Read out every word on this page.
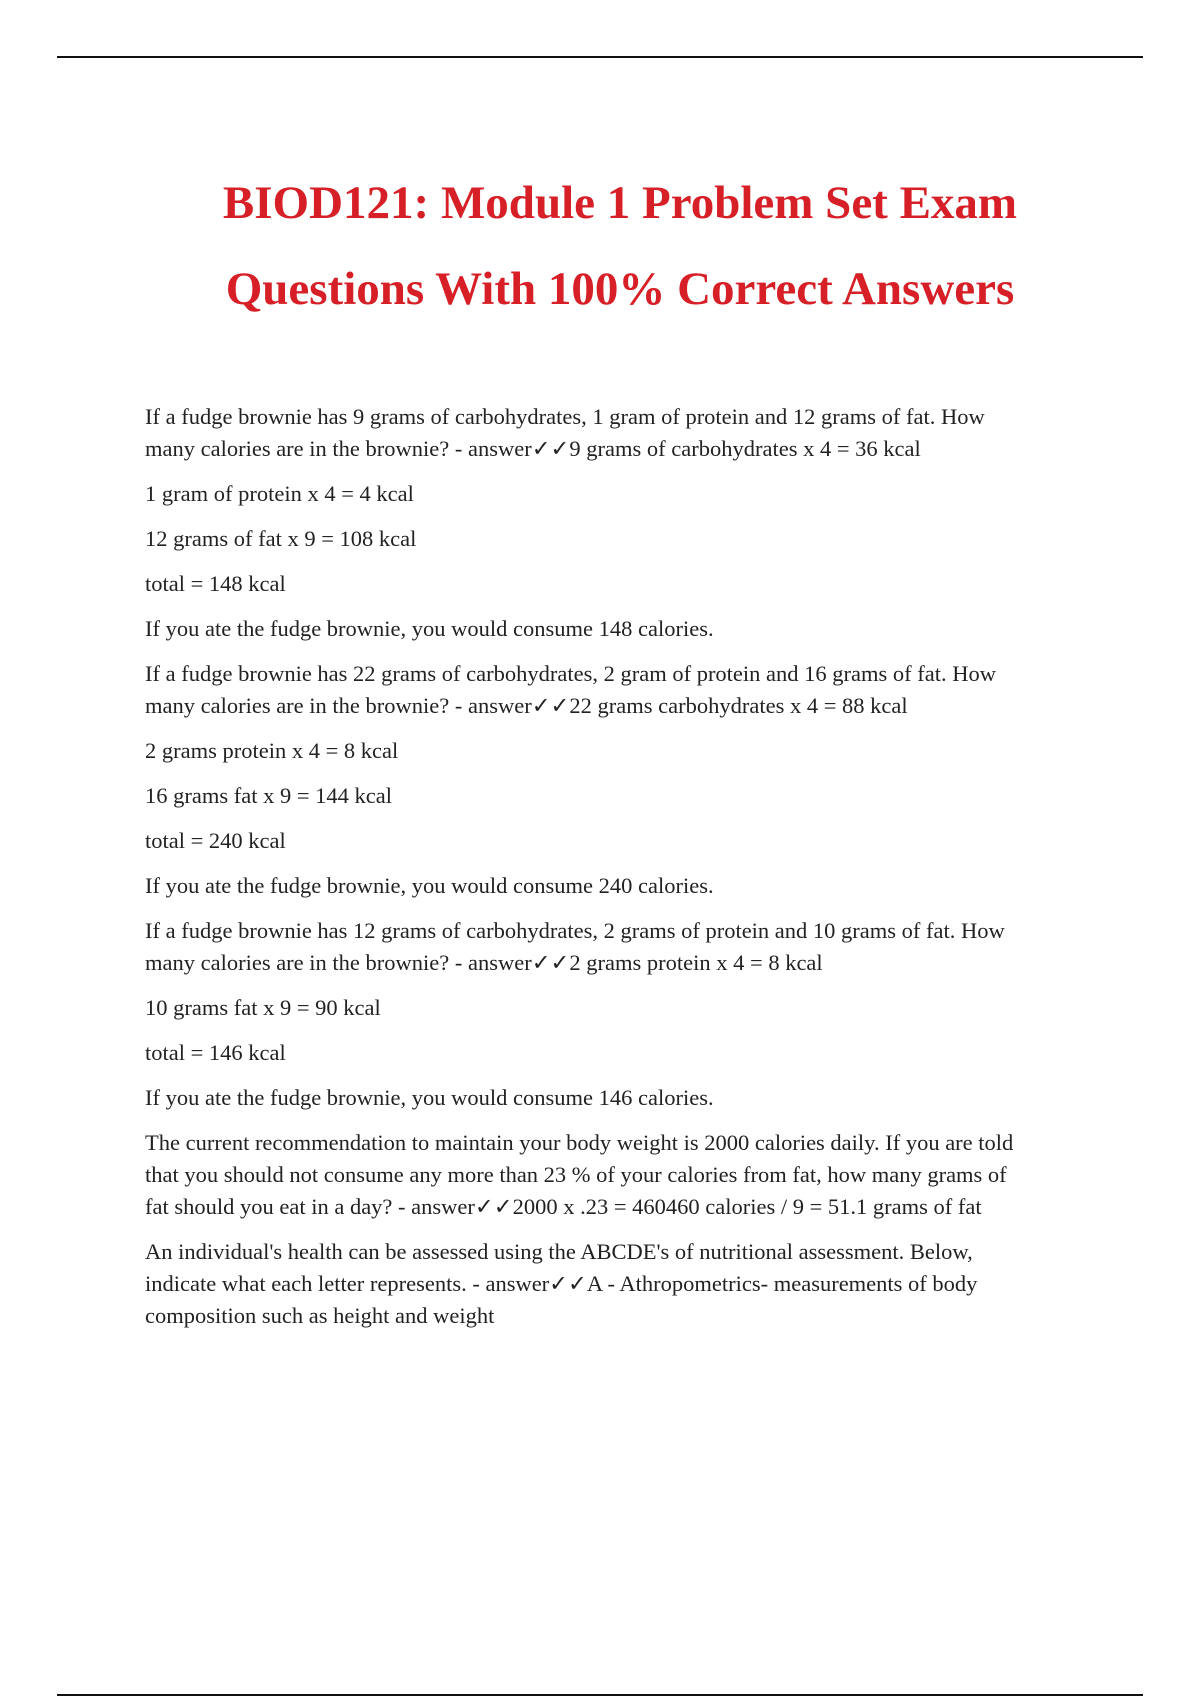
BIOD121: Module 1 Problem Set Exam
Questions With 100% Correct Answers

If a fudge brownie has 9 grams of carbohydrates, 1 gram of protein and 12 grams of fat. How
many calories are in the brownie? - answer✓✓9 grams of carbohydrates x 4 = 36 kcal

1 gram of protein x 4 = 4 kcal

12 grams of fat x 9 = 108 kcal

total = 148 kcal

If you ate the fudge brownie, you would consume 148 calories.

If a fudge brownie has 22 grams of carbohydrates, 2 gram of protein and 16 grams of fat. How
many calories are in the brownie? - answer✓✓22 grams carbohydrates x 4 = 88 kcal

2 grams protein x 4 = 8 kcal

16 grams fat x 9 = 144 kcal

total = 240 kcal

If you ate the fudge brownie, you would consume 240 calories.

If a fudge brownie has 12 grams of carbohydrates, 2 grams of protein and 10 grams of fat. How
many calories are in the brownie? - answer✓✓2 grams protein x 4 = 8 kcal

10 grams fat x 9 = 90 kcal

total = 146 kcal

If you ate the fudge brownie, you would consume 146 calories.

The current recommendation to maintain your body weight is 2000 calories daily. If you are told
that you should not consume any more than 23 % of your calories from fat, how many grams of
fat should you eat in a day? - answer✓✓2000 x .23 = 460460 calories / 9 = 51.1 grams of fat

An individual's health can be assessed using the ABCDE's of nutritional assessment. Below,
indicate what each letter represents. - answer✓✓A - Athropometrics- measurements of body
composition such as height and weight
